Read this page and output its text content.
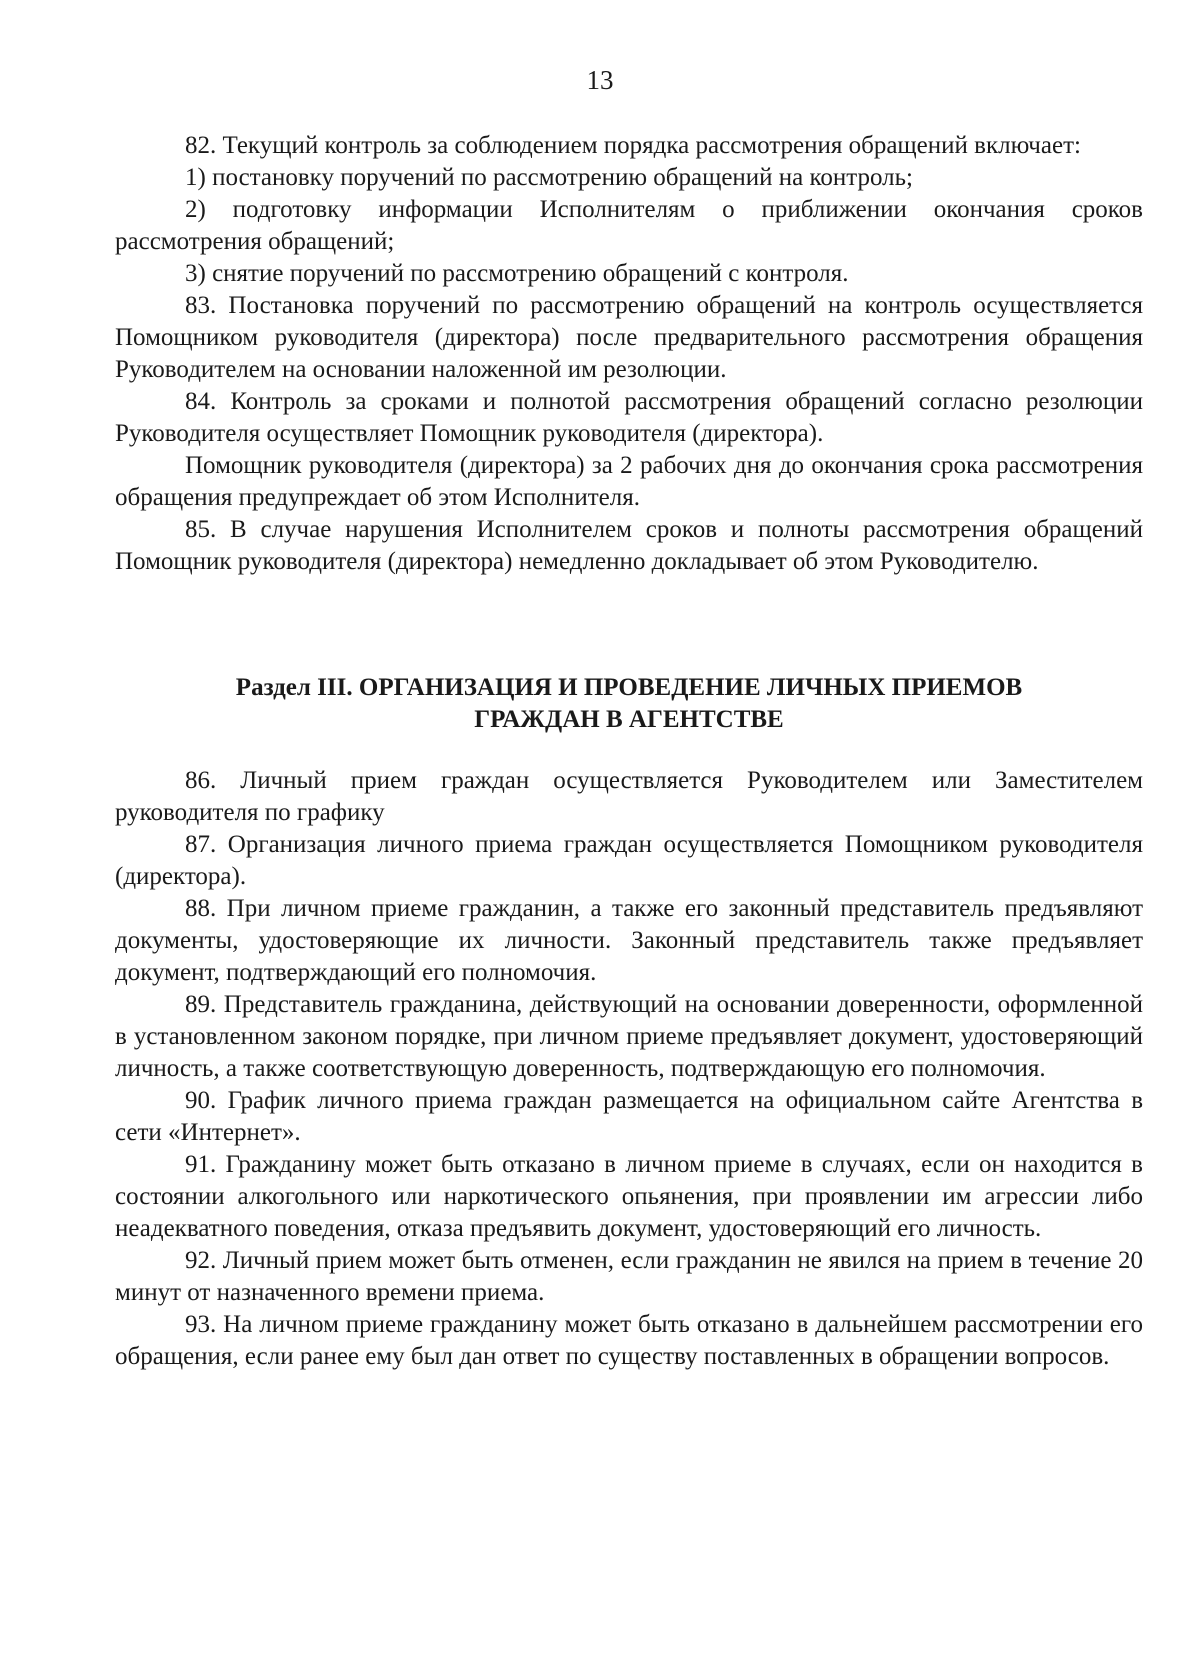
13

82. Текущий контроль за соблюдением порядка рассмотрения обращений включает:

1) постановку поручений по рассмотрению обращений на контроль;

2) подготовку информации Исполнителям о приближении окончания сроков рассмотрения обращений;

3) снятие поручений по рассмотрению обращений с контроля.

83. Постановка поручений по рассмотрению обращений на контроль осуществляется Помощником руководителя (директора) после предварительного рассмотрения обращения Руководителем на основании наложенной им резолюции.

84. Контроль за сроками и полнотой рассмотрения обращений согласно резолюции Руководителя осуществляет Помощник руководителя (директора).

Помощник руководителя (директора) за 2 рабочих дня до окончания срока рассмотрения обращения предупреждает об этом Исполнителя.

85. В случае нарушения Исполнителем сроков и полноты рассмотрения обращений Помощник руководителя (директора) немедленно докладывает об этом Руководителю.

Раздел III. ОРГАНИЗАЦИЯ И ПРОВЕДЕНИЕ ЛИЧНЫХ ПРИЕМОВ
ГРАЖДАН В АГЕНТСТВЕ

86. Личный прием граждан осуществляется Руководителем или Заместителем руководителя по графику

87. Организация личного приема граждан осуществляется Помощником руководителя (директора).

88. При личном приеме гражданин, а также его законный представитель предъявляют документы, удостоверяющие их личности. Законный представитель также предъявляет документ, подтверждающий его полномочия.

89. Представитель гражданина, действующий на основании доверенности, оформленной в установленном законом порядке, при личном приеме предъявляет документ, удостоверяющий личность, а также соответствующую доверенность, подтверждающую его полномочия.

90. График личного приема граждан размещается на официальном сайте Агентства в сети «Интернет».

91. Гражданину может быть отказано в личном приеме в случаях, если он находится в состоянии алкогольного или наркотического опьянения, при проявлении им агрессии либо неадекватного поведения, отказа предъявить документ, удостоверяющий его личность.

92. Личный прием может быть отменен, если гражданин не явился на прием в течение 20 минут от назначенного времени приема.

93. На личном приеме гражданину может быть отказано в дальнейшем рассмотрении его обращения, если ранее ему был дан ответ по существу поставленных в обращении вопросов.
